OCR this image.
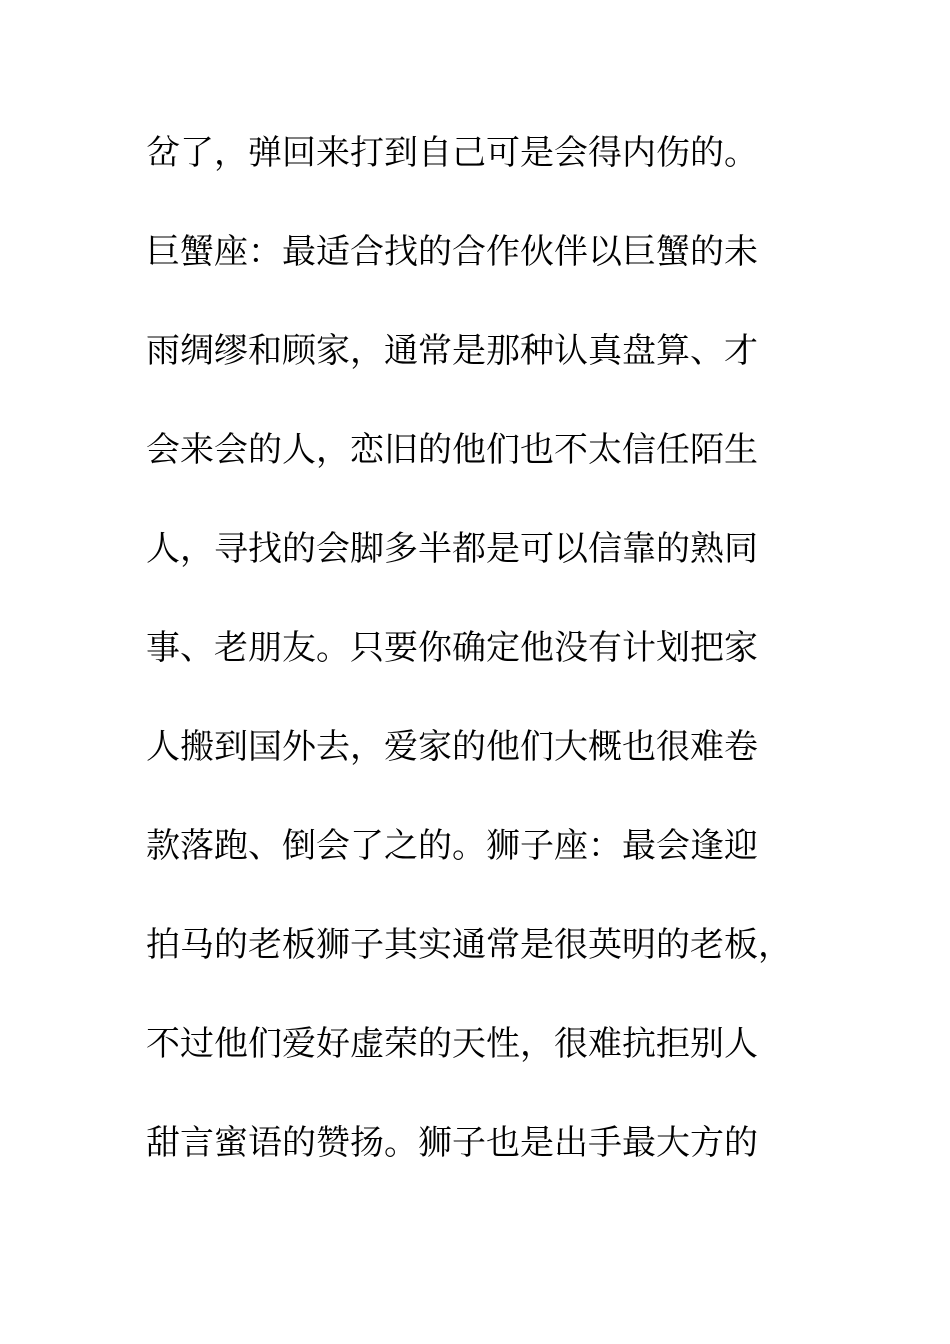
岔了，弹回来打到自己可是会得内伤的。
巨蟹座：最适合找的合作伙伴以巨蟹的未
雨绸缪和顾家，通常是那种认真盘算、才
会来会的人，恋旧的他们也不太信任陌生
人，寻找的会脚多半都是可以信靠的熟同
事、老朋友。只要你确定他没有计划把家
人搬到国外去，爱家的他们大概也很难卷
款落跑、倒会了之的。狮子座：最会逢迎
拍马的老板狮子其实通常是很英明的老板，
不过他们爱好虚荣的天性，很难抗拒别人
甜言蜜语的赞扬。狮子也是出手最大方的
